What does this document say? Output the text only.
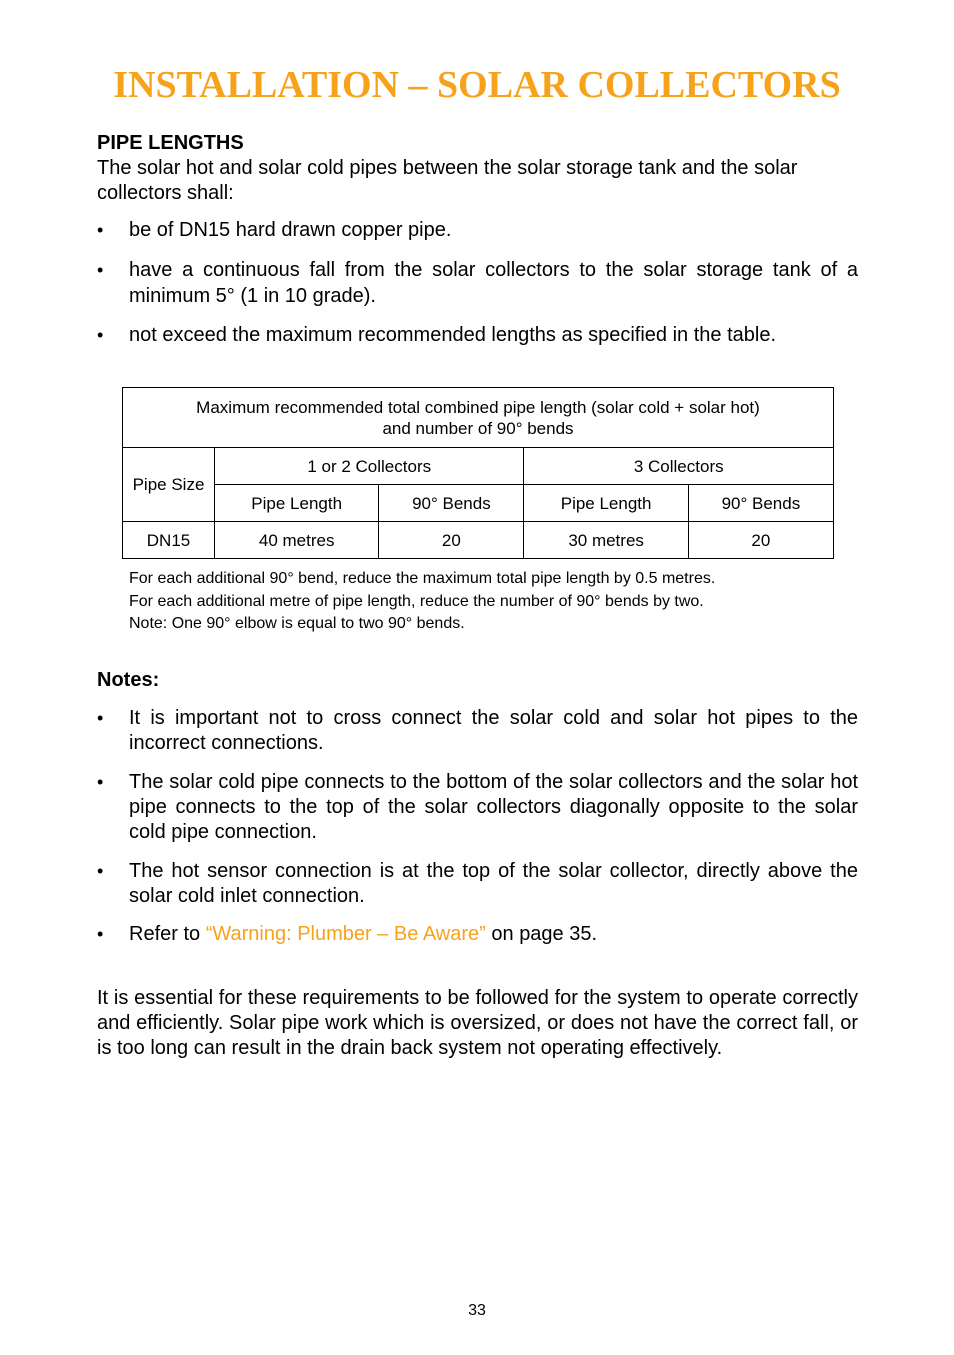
INSTALLATION – SOLAR COLLECTORS
PIPE LENGTHS

The solar hot and solar cold pipes between the solar storage tank and the solar collectors shall:

• be of DN15 hard drawn copper pipe.
• have a continuous fall from the solar collectors to the solar storage tank of a minimum 5° (1 in 10 grade).
• not exceed the maximum recommended lengths as specified in the table.
Maximum recommended total combined pipe length (solar cold + solar hot)
and number of 90° bends				

Pipe Size	1 or 2 Collectors		3 Collectors	
	Pipe Length	90° Bends	Pipe Length	90° Bends
DN15	40 metres	20	30 metres	20
For each additional 90° bend, reduce the maximum total pipe length by 0.5 metres.
For each additional metre of pipe length, reduce the number of 90° bends by two.
Note: One 90° elbow is equal to two 90° bends.
Notes:
• It is important not to cross connect the solar cold and solar hot pipes to the incorrect connections.
• The solar cold pipe connects to the bottom of the solar collectors and the solar hot pipe connects to the top of the solar collectors diagonally opposite to the solar cold pipe connection.
• The hot sensor connection is at the top of the solar collector, directly above the solar cold inlet connection.
• Refer to “Warning: Plumber – Be Aware” on page 35.
It is essential for these requirements to be followed for the system to operate correctly and efficiently. Solar pipe work which is oversized, or does not have the correct fall, or is too long can result in the drain back system not operating effectively.
33
